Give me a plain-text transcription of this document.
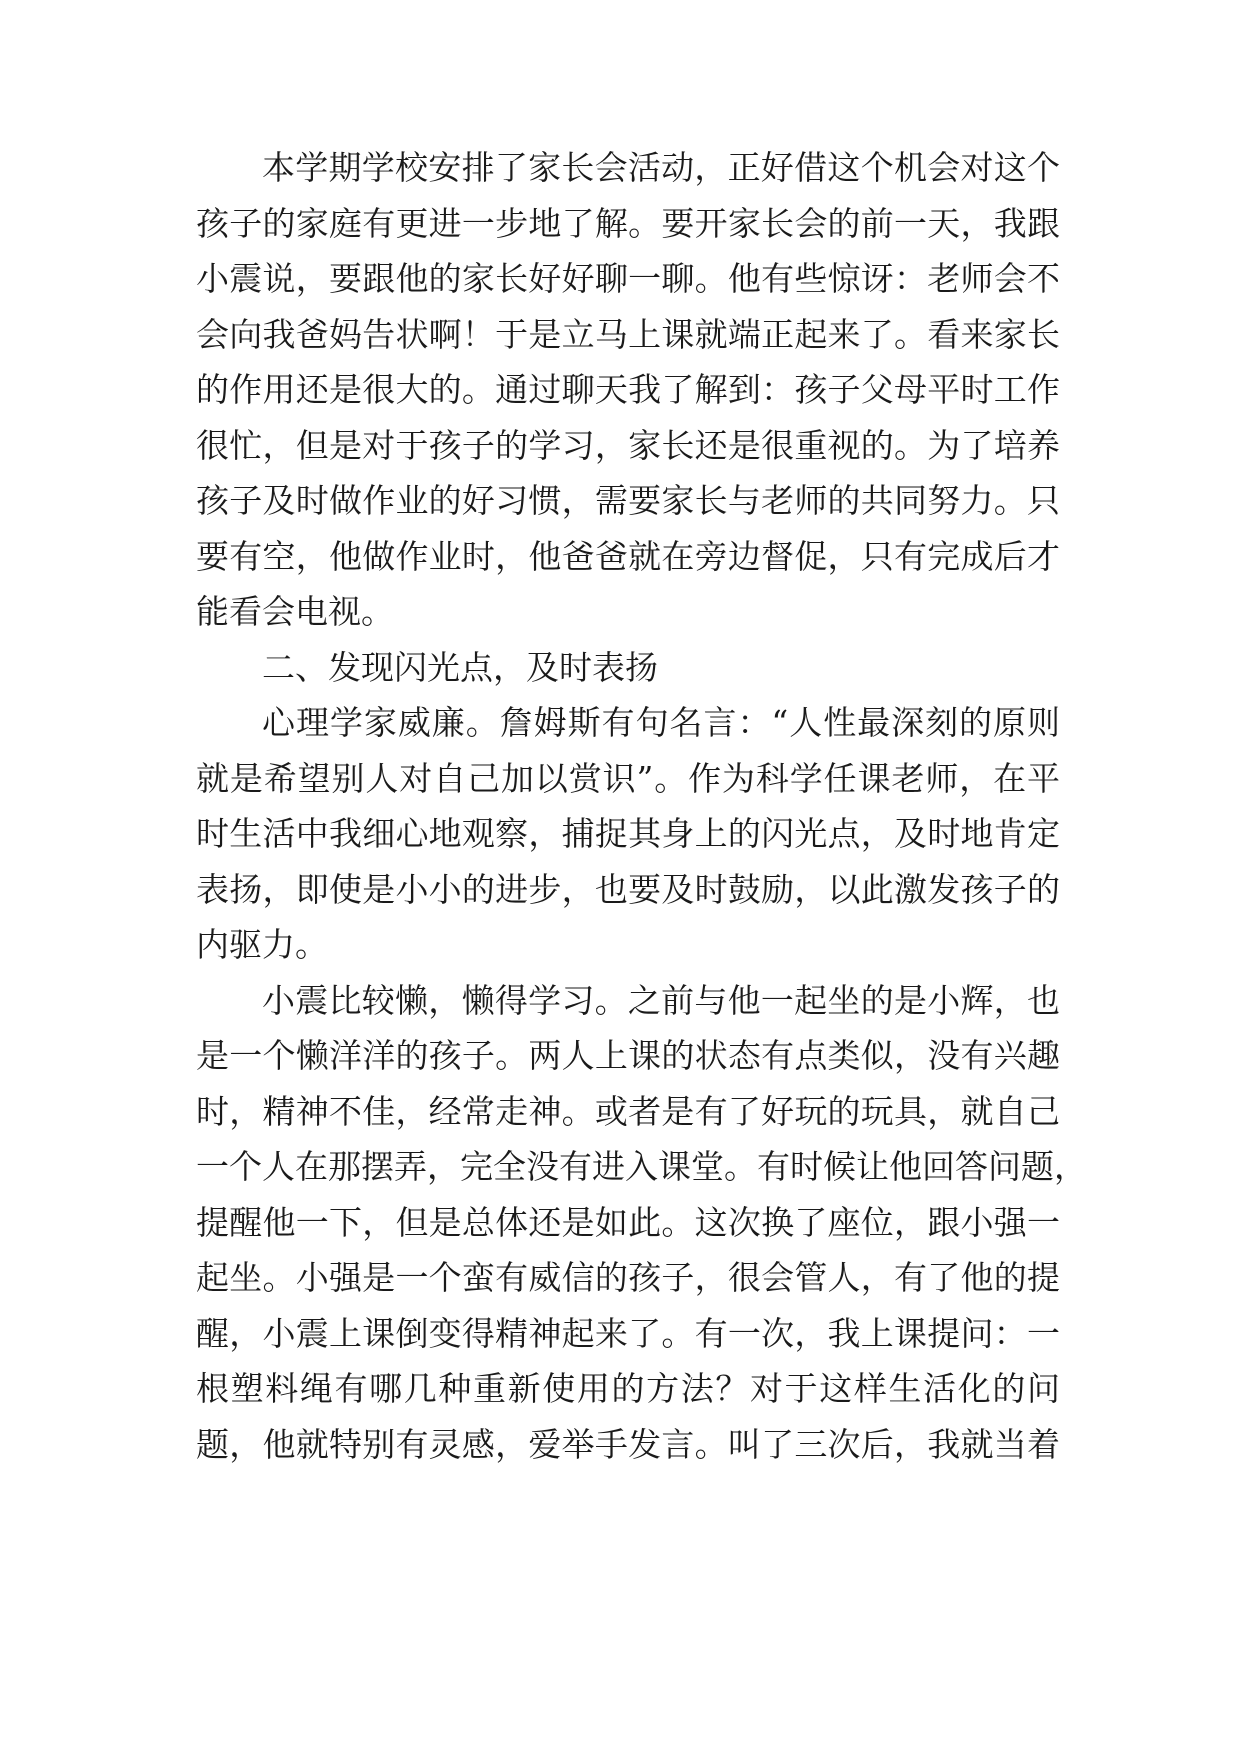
本学期学校安排了家长会活动，正好借这个机会对这个
孩子的家庭有更进一步地了解。要开家长会的前一天，我跟
小震说，要跟他的家长好好聊一聊。他有些惊讶：老师会不
会向我爸妈告状啊！于是立马上课就端正起来了。看来家长
的作用还是很大的。通过聊天我了解到：孩子父母平时工作
很忙，但是对于孩子的学习，家长还是很重视的。为了培养
孩子及时做作业的好习惯，需要家长与老师的共同努力。只
要有空，他做作业时，他爸爸就在旁边督促，只有完成后才
能看会电视。
二、发现闪光点，及时表扬
心理学家威廉。詹姆斯有句名言：“人性最深刻的原则
就是希望别人对自己加以赏识”。作为科学任课老师，在平
时生活中我细心地观察，捕捉其身上的闪光点，及时地肯定
表扬，即使是小小的进步，也要及时鼓励，以此激发孩子的
内驱力。
小震比较懒，懒得学习。之前与他一起坐的是小辉，也
是一个懒洋洋的孩子。两人上课的状态有点类似，没有兴趣
时，精神不佳，经常走神。或者是有了好玩的玩具，就自己
一个人在那摆弄，完全没有进入课堂。有时候让他回答问题，
提醒他一下，但是总体还是如此。这次换了座位，跟小强一
起坐。小强是一个蛮有威信的孩子，很会管人，有了他的提
醒，小震上课倒变得精神起来了。有一次，我上课提问：一
根塑料绳有哪几种重新使用的方法？对于这样生活化的问
题，他就特别有灵感，爱举手发言。叫了三次后，我就当着
